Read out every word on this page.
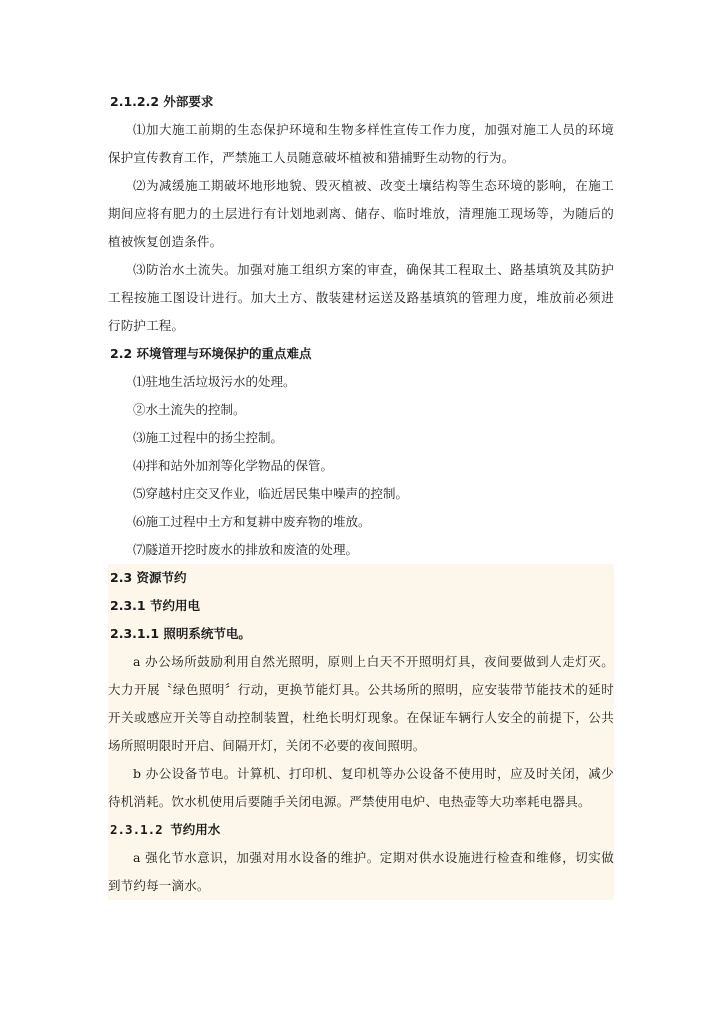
2.1.2.2 外部要求

⑴加大施工前期的生态保护环境和生物多样性宣传工作力度，加强对施工人员的环境保护宣传教育工作，严禁施工人员随意破坏植被和猎捕野生动物的行为。

⑵为减缓施工期破坏地形地貌、毁灭植被、改变土壤结构等生态环境的影响，在施工期间应将有肥力的土层进行有计划地剥离、储存、临时堆放，清理施工现场等，为随后的植被恢复创造条件。

⑶防治水土流失。加强对施工组织方案的审查，确保其工程取土、路基填筑及其防护工程按施工图设计进行。加大土方、散装建材运送及路基填筑的管理力度，堆放前必须进行防护工程。

2.2 环境管理与环境保护的重点难点
⑴驻地生活垃圾污水的处理。
②水土流失的控制。
⑶施工过程中的扬尘控制。
⑷拌和站外加剂等化学物品的保管。
⑸穿越村庄交叉作业，临近居民集中噪声的控制。
⑹施工过程中土方和复耕中废弃物的堆放。
⑺隧道开挖时废水的排放和废渣的处理。
2.3 资源节约
2.3.1 节约用电
2.3.1.1 照明系统节电。

a 办公场所鼓励利用自然光照明，原则上白天不开照明灯具，夜间要做到人走灯灭。大力开展〝绿色照明〞行动，更换节能灯具。公共场所的照明，应安装带节能技术的延时开关或感应开关等自动控制装置，杜绝长明灯现象。在保证车辆行人安全的前提下，公共场所照明限时开启、间隔开灯，关闭不必要的夜间照明。

b 办公设备节电。计算机、打印机、复印机等办公设备不使用时，应及时关闭，减少待机消耗。饮水机使用后要随手关闭电源。严禁使用电炉、电热壶等大功率耗电器具。

2.3.1.2 节约用水

a 强化节水意识，加强对用水设备的维护。定期对供水设施进行检查和维修，切实做到节约每一滴水。
